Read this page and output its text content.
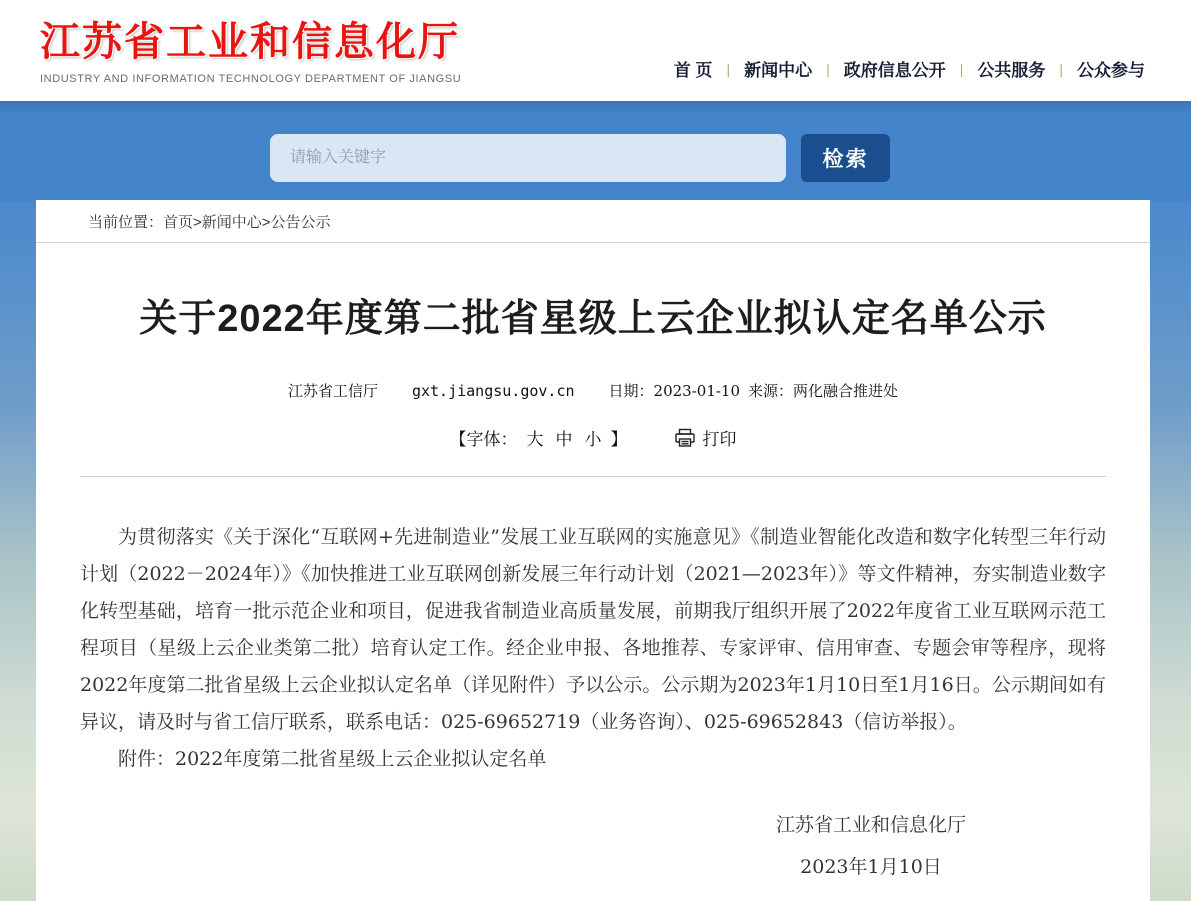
江苏省工业和信息化厅
INDUSTRY AND INFORMATION TECHNOLOGY DEPARTMENT OF JIANGSU	首 页	| 新闻中心	| 政府信息公开	| 公共服务	| 公众参与
请输入关键字
检索
当前位置： 首页>新闻中心>公告公示
关于2022年度第二批省星级上云企业拟认定名单公示
江苏省工信厅 gxt.jiangsu.gov.cn 日期：2023-01-10 来源：两化融合推进处
【字体： 大 中 小 】	打印

为贯彻落实《关于深化“互联网+先进制造业”发展工业互联网的实施意见》《制造业智能化改造和数字化转型三年行动计划（2022－2024年）》《加快推进工业互联网创新发展三年行动计划（2021—2023年）》等文件精神，夯实制造业数字化转型基础，培育一批示范企业和项目，促进我省制造业高质量发展，前期我厅组织开展了2022年度省工业互联网示范工程项目（星级上云企业类第二批）培育认定工作。经企业申报、各地推荐、专家评审、信用审查、专题会审等程序，现将2022年度第二批省星级上云企业拟认定名单（详见附件）予以公示。公示期为2023年1月10日至1月16日。公示期间如有异议，请及时与省工信厅联系，联系电话：025-69652719（业务咨询）、025-69652843（信访举报）。

附件：2022年度第二批省星级上云企业拟认定名单

江苏省工业和信息化厅
2023年1月10日
